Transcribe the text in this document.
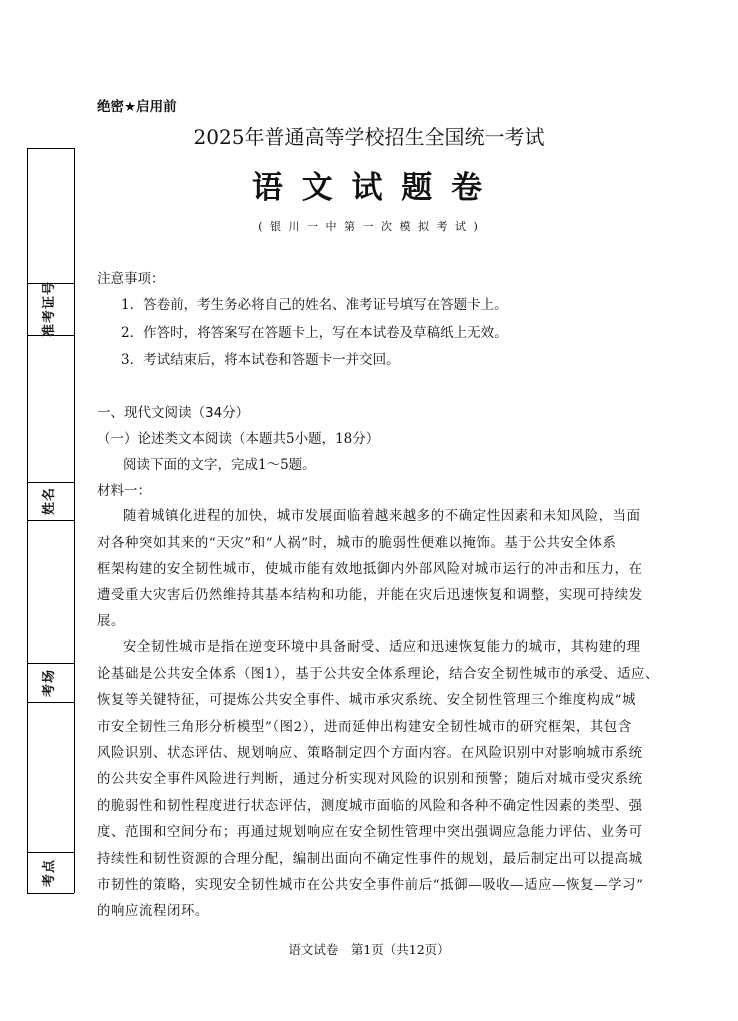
绝密★启用前
2025年普通高等学校招生全国统一考试
语 文 试 题 卷
( 银 川 一 中 第 一 次 模 拟 考 试 )
准考证号
姓名
考场
考点
注意事项：
1．答卷前，考生务必将自己的姓名、准考证号填写在答题卡上。
2．作答时，将答案写在答题卡上，写在本试卷及草稿纸上无效。
3．考试结束后，将本试卷和答题卡一并交回。
一、现代文阅读（34分）
（一）论述类文本阅读（本题共5小题，18分）
阅读下面的文字，完成1～5题。
材料一：
随着城镇化进程的加快，城市发展面临着越来越多的不确定性因素和未知风险，当面
对各种突如其来的“天灾”和“人祸”时，城市的脆弱性便难以掩饰。基于公共安全体系
框架构建的安全韧性城市，使城市能有效地抵御内外部风险对城市运行的冲击和压力，在
遭受重大灾害后仍然维持其基本结构和功能，并能在灾后迅速恢复和调整，实现可持续发
展。
安全韧性城市是指在逆变环境中具备耐受、适应和迅速恢复能力的城市，其构建的理
论基础是公共安全体系（图1），基于公共安全体系理论，结合安全韧性城市的承受、适应、
恢复等关键特征，可提炼公共安全事件、城市承灾系统、安全韧性管理三个维度构成“城
市安全韧性三角形分析模型”（图2），进而延伸出构建安全韧性城市的研究框架，其包含
风险识别、状态评估、规划响应、策略制定四个方面内容。在风险识别中对影响城市系统
的公共安全事件风险进行判断，通过分析实现对风险的识别和预警；随后对城市受灾系统
的脆弱性和韧性程度进行状态评估，测度城市面临的风险和各种不确定性因素的类型、强
度、范围和空间分布；再通过规划响应在安全韧性管理中突出强调应急能力评估、业务可
持续性和韧性资源的合理分配，编制出面向不确定性事件的规划，最后制定出可以提高城
市韧性的策略，实现安全韧性城市在公共安全事件前后“抵御—吸收—适应—恢复—学习”
的响应流程闭环。
语文试卷　第1页（共12页）
